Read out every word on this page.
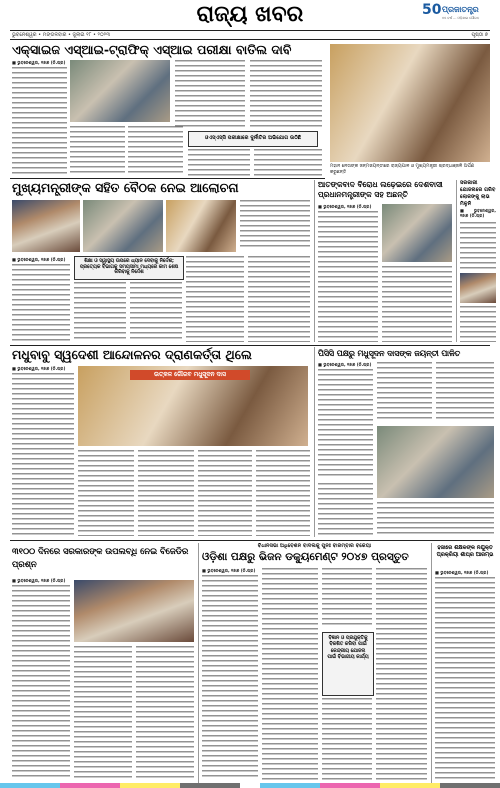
ରାଜ୍ୟ ଖବର	50 ପ୍ରଜାତନ୍ତ୍ର
୭୫ ବର୍ଷ ... ଓଡ଼ିଶାର ଗୌରବ
ଭୁବନେଶ୍ୱର • ମଙ୍ଗଳବାର • ଜୁଲାଇ ୧୮ • ୨୦୨୩	ପୃଷ୍ଠା ୭
ଏକ୍ସାଇଜ ଏସ୍ଆଇ-ଟ୍ରାଫିକ୍ ଏସ୍ଆଇ ପରୀକ୍ଷା ବାତିଲ ଦାବି
■ ଭୁବନେଶ୍ୱର, ୧୭ା୭ (ନି.ପ୍ର)
ଓଏସ୍ଏସ୍‌ସି ପରୀକ୍ଷାରେ ଦୁର୍ନୀତିର ଅଭିଯୋଗ ଉଠିଛି
ମହାନ ନେତାଙ୍କ ଜନ୍ମଜୟନ୍ତୀରେ ରାଜ୍ୟପାଳ ଓ ମୁଖ୍ୟମନ୍ତ୍ରୀ ଶ୍ରଦ୍ଧାଞ୍ଜଳି ଅର୍ପଣ କରୁଛନ୍ତି
ମୁଖ୍ୟମନ୍ତ୍ରୀଙ୍କ ସହିତ ବୈଠକ ନେଇ ଆଲୋଚନା
■ ଭୁବନେଶ୍ୱର, ୧୭ା୭ (ନି.ପ୍ର)	ଶିକ୍ଷା ଓ ସ୍ୱାସ୍ଥ୍ୟ ଉପରେ ଧ୍ୟାନ ଦେବାକୁ ନିର୍ଦ୍ଦେଶ; ପ୍ରତ୍ୟେକ ବିଭାଗକୁ ସମୟସୀମା ମଧ୍ୟରେ କାମ ଶେଷ କରିବାକୁ ନିର୍ଦ୍ଦେଶ
ଆତଙ୍କବାଦ ବିରୋଧ ଲଢ଼େଇରେ ଦେଶବାସୀ ପ୍ରଧାନମନ୍ତ୍ରୀଙ୍କ ସହ ଅଛନ୍ତି
■ ଭୁବନେଶ୍ୱର, ୧୭ା୭ (ନି.ପ୍ର)
ସରକାରୀ ଯୋଜନାରେ ଗରିବ ଲୋକଙ୍କୁ ଲାଭ ମିଳୁନି
■ ଭୁବନେଶ୍ୱର, ୧୭ା୭ (ନି.ପ୍ର)
ମଧୁବାବୁ ସ୍ୱଦେଶୀ ଆନ୍ଦୋଳନର ଦ୍ରାଣକର୍ତ୍ତା ଥିଲେ
■ ଭୁବନେଶ୍ୱର, ୧୭ା୭ (ନି.ପ୍ର)
ଉତ୍କଳ ଗୌରବ ମଧୁସୂଦନ ଦାସ
ପିସିସି ପକ୍ଷରୁ ମଧୁସୂଦନ ଦାସଙ୍କ ଜୟନ୍ତୀ ପାଳିତ
■ ଭୁବନେଶ୍ୱର, ୧୭ା୭ (ନି.ପ୍ର)
୩୧୦୦ ଦିନରେ ସରକାରଙ୍କ ଉପଲବ୍ଧି ନେଇ ବିଜେଡିର ପ୍ରଶ୍ନ
■ ଭୁବନେଶ୍ୱର, ୧୭ା୭ (ନି.ପ୍ର)
ବିଧାନସଭା ଅଧିବେଶନ ବାଦଲକୁ ପୁନଃ ବାରମ୍ବାର ବକେୟା
ଓଡ଼ିଶା ପକ୍ଷରୁ ଭିଜନ ଡକ୍ୟୁମେଣ୍ଟ ୨୦୪୭ ପ୍ରସ୍ତୁତ
■ ଭୁବନେଶ୍ୱର, ୧୭ା୭ (ନି.ପ୍ର)
ବିଜ୍ଞାନ ଓ ପ୍ରଯୁକ୍ତିକୁ ବିକଶିତ କରିବା ପାଇଁ କେନ୍ଦ୍ରୀୟ ଯୋଜନା ପାଇଁ ବିଭାଗୀୟ କାର୍ଯ୍ୟ
ହଜାରେ ଶିକ୍ଷକଙ୍କ ନିଯୁକ୍ତି ପ୍ରକ୍ରିୟା ଶୀଘ୍ର ଆରମ୍ଭ
■ ଭୁବନେଶ୍ୱର, ୧୭ା୭ (ନି.ପ୍ର)
